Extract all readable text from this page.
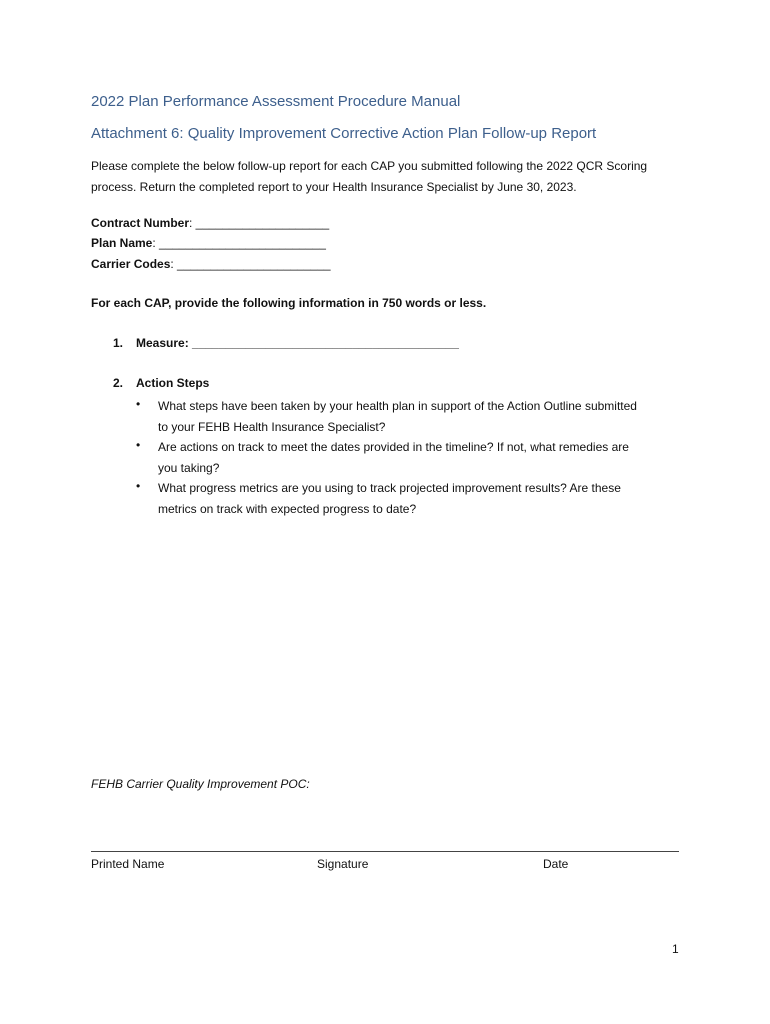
2022 Plan Performance Assessment Procedure Manual
Attachment 6: Quality Improvement Corrective Action Plan Follow-up Report
Please complete the below follow-up report for each CAP you submitted following the 2022 QCR Scoring
process. Return the completed report to your Health Insurance Specialist by June 30, 2023.
Contract Number: ____________________
Plan Name: _________________________
Carrier Codes: _______________________
For each CAP, provide the following information in 750 words or less.
1. Measure: ________________________________________
2. Action Steps
• What steps have been taken by your health plan in support of the Action Outline submitted
to your FEHB Health Insurance Specialist?
• Are actions on track to meet the dates provided in the timeline? If not, what remedies are
you taking?
• What progress metrics are you using to track projected improvement results? Are these
metrics on track with expected progress to date?
FEHB Carrier Quality Improvement POC:
Printed Name	Signature	Date
1
